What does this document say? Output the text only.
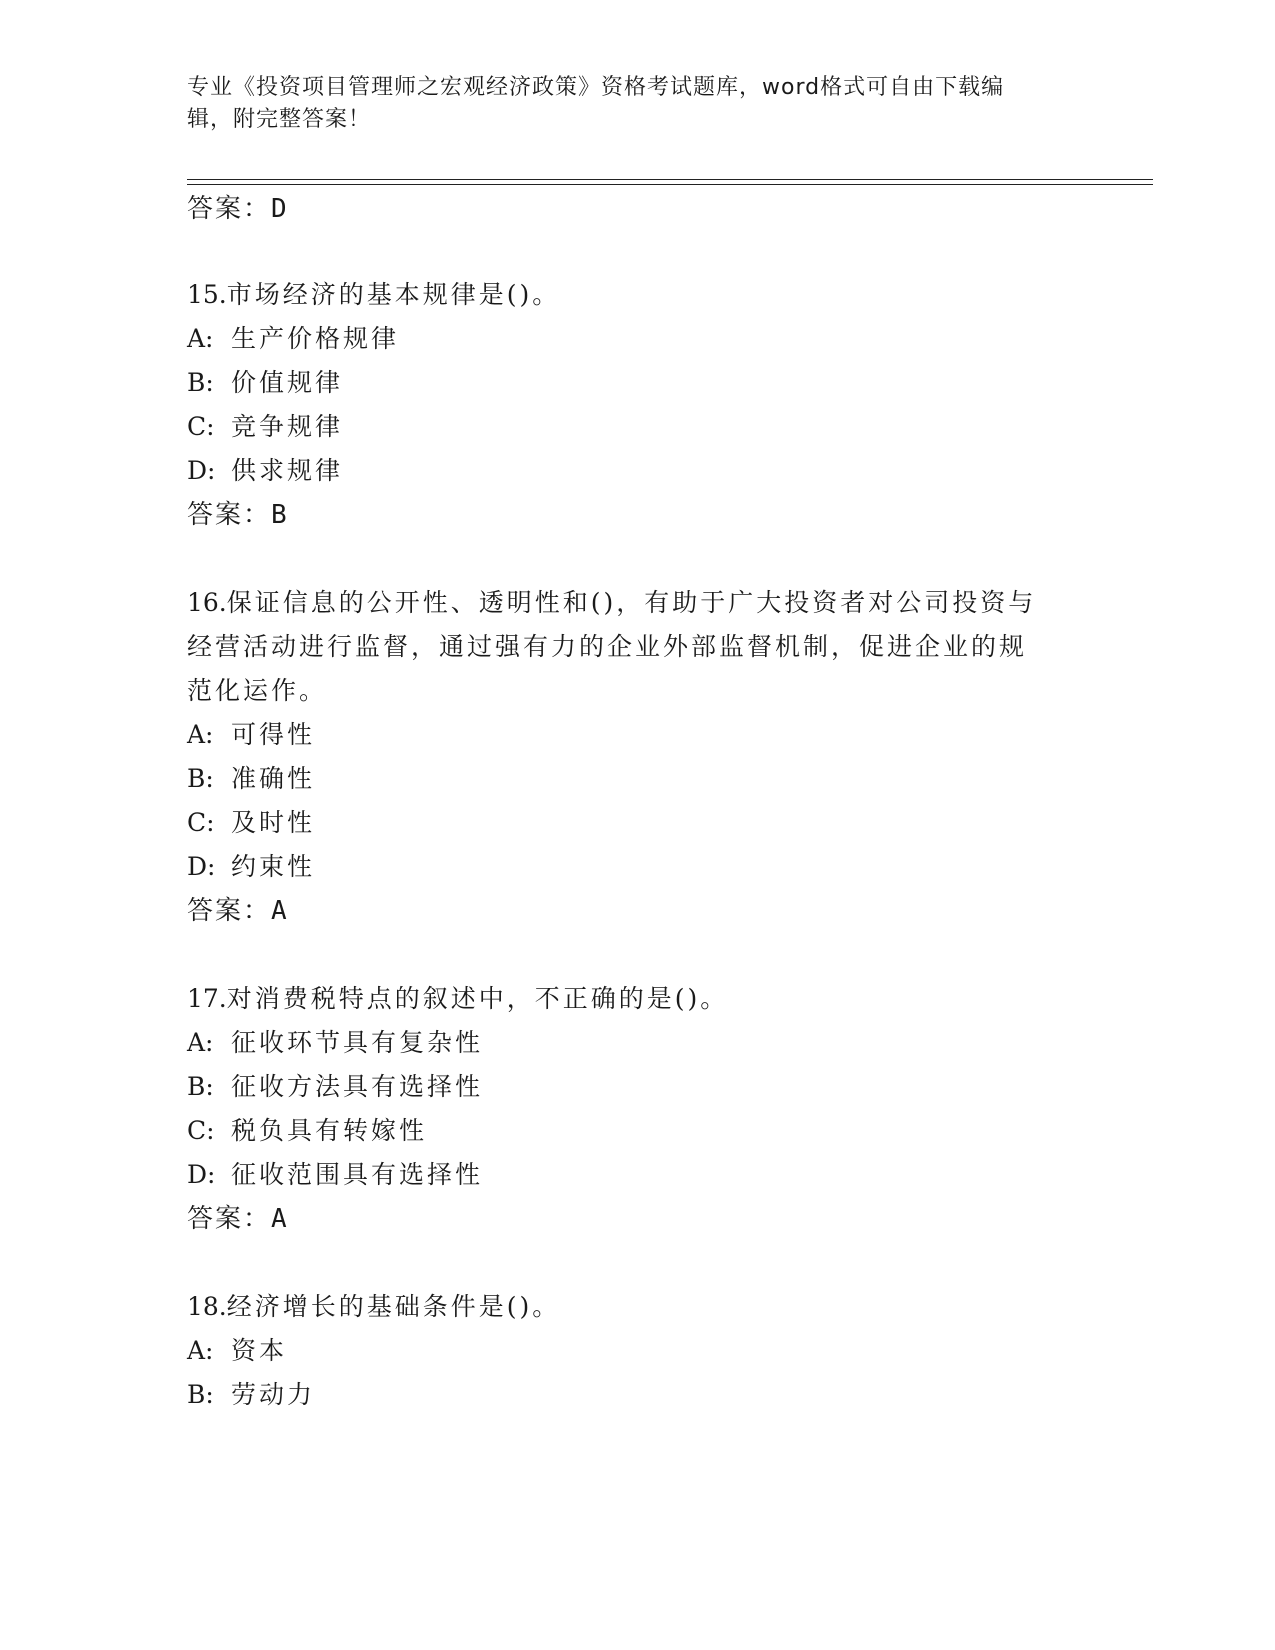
专业《投资项目管理师之宏观经济政策》资格考试题库，word格式可自由下载编
辑，附完整答案！
答案：D
15.市场经济的基本规律是()。
A: 生产价格规律
B: 价值规律
C: 竞争规律
D: 供求规律
答案：B
16.保证信息的公开性、透明性和()，有助于广大投资者对公司投资与
经营活动进行监督，通过强有力的企业外部监督机制，促进企业的规
范化运作。
A: 可得性
B: 准确性
C: 及时性
D: 约束性
答案：A
17.对消费税特点的叙述中，不正确的是()。
A: 征收环节具有复杂性
B: 征收方法具有选择性
C: 税负具有转嫁性
D: 征收范围具有选择性
答案：A
18.经济增长的基础条件是()。
A: 资本
B: 劳动力
